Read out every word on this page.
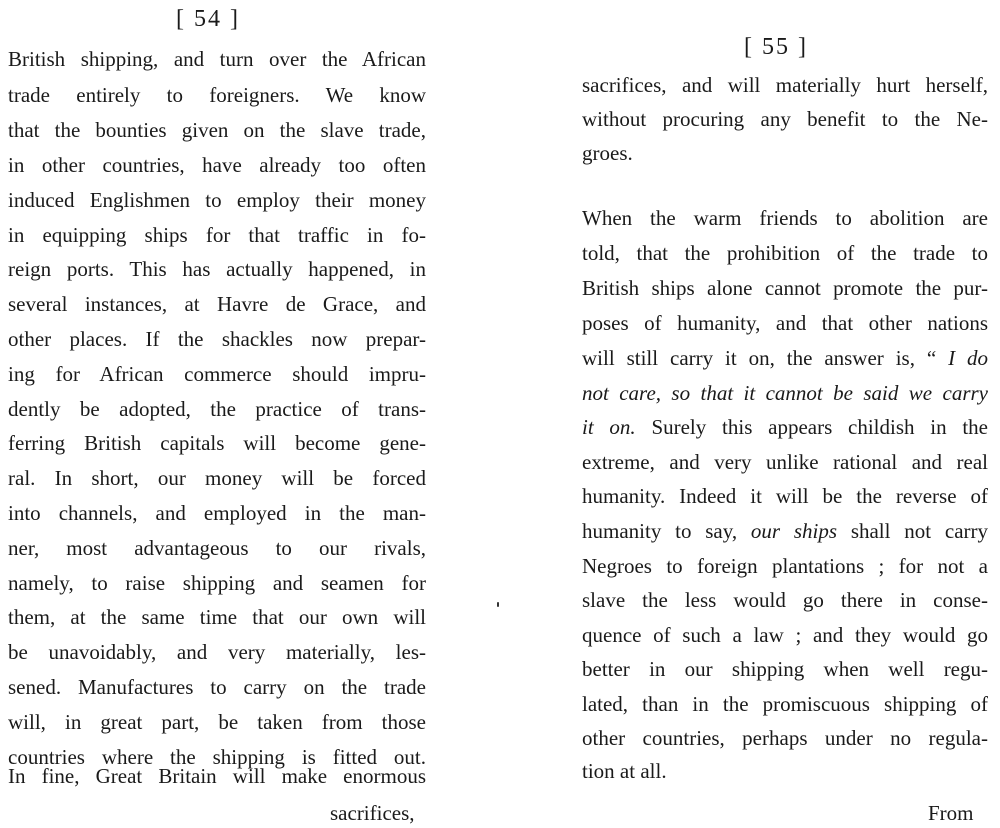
[ 54 ]
British shipping, and turn over the African
trade entirely to foreigners. We know
that the bounties given on the slave trade,
in other countries, have already too often
induced Englishmen to employ their money
in equipping ships for that traffic in fo-
reign ports. This has actually happened, in
several instances, at Havre de Grace, and
other places. If the shackles now prepar-
ing for African commerce should impru-
dently be adopted, the practice of trans-
ferring British capitals will become gene-
ral. In short, our money will be forced
into channels, and employed in the man-
ner, most advantageous to our rivals,
namely, to raise shipping and seamen for
them, at the same time that our own will
be unavoidably, and very materially, les-
sened. Manufactures to carry on the trade
will, in great part, be taken from those
countries where the shipping is fitted out.
In fine, Great Britain will make enormous
sacrifices,
[ 55 ]
sacrifices, and will materially hurt herself,
without procuring any benefit to the Ne-
groes.
When the warm friends to abolition are
told, that the prohibition of the trade to
British ships alone cannot promote the pur-
poses of humanity, and that other nations
will still carry it on, the answer is, “ I do
not care, so that it cannot be said we carry
it on. Surely this appears childish in the
extreme, and very unlike rational and real
humanity. Indeed it will be the reverse of
humanity to say, our ships shall not carry
Negroes to foreign plantations ; for not a
slave the less would go there in conse-
quence of such a law ; and they would go
better in our shipping when well regu-
lated, than in the promiscuous shipping of
other countries, perhaps under no regula-
tion at all.
From
